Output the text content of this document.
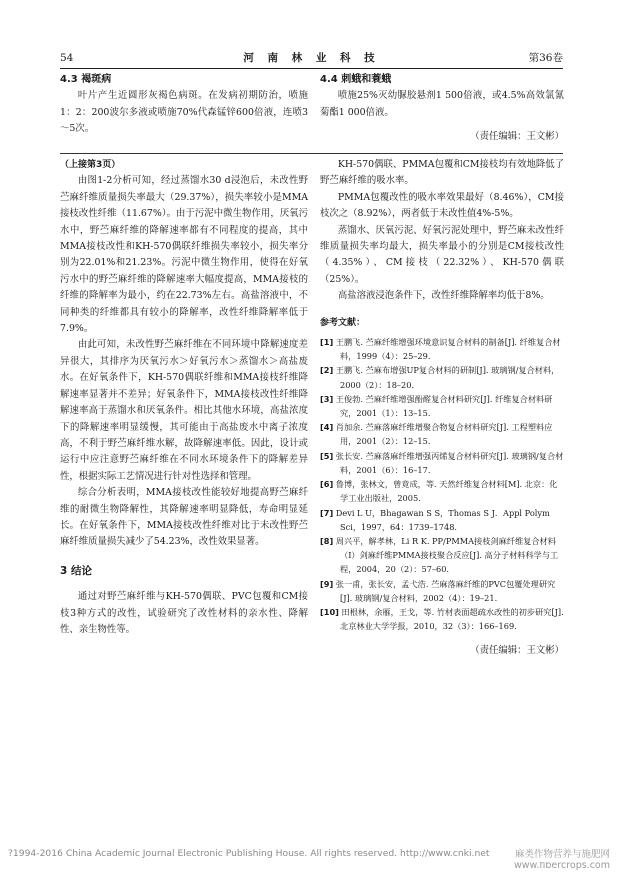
54	河 南 林 业 科 技	第36卷
4.3 褐斑病

叶片产生近圆形灰褐色病斑。在发病初期防治，喷施1：2：200波尔多液或喷施70%代森锰锌600倍液，连喷3～5次。

4.4 刺蛾和蓑蛾

喷施25%灭幼脲胶悬剂1 500倍液，或4.5%高效氯氰菊酯1 000倍液。

（责任编辑：王文彬）

（上接第3页）

由图1-2分析可知，经过蒸馏水30 d浸泡后，未改性野苎麻纤维质量损失率最大（29.37%），损失率较小是MMA接枝改性纤维（11.67%）。由于污泥中微生物作用，厌氧污水中，野苎麻纤维的降解速率都有不同程度的提高，其中MMA接枝改性和KH-570偶联纤维损失率较小，损失率分别为22.01%和21.23%。污泥中微生物作用，使得在好氧污水中的野苎麻纤维的降解速率大幅度提高，MMA接枝的纤维的降解率为最小，约在22.73%左右。高盐溶液中，不同种类的纤维都具有较小的降解率，改性纤维降解率低于7.9%。

由此可知，未改性野苎麻纤维在不同环境中降解速度差异很大，其排序为厌氧污水＞好氧污水＞蒸馏水＞高盐废水。在好氧条件下，KH-570偶联纤维和MMA接枝纤维降解速率显著并不差异；好氧条件下，MMA接枝改性纤维降解速率高于蒸馏水和厌氧条件。相比其他水环境，高盐浓度下的降解速率明显缓慢，其可能由于高盐废水中离子浓度高，不利于野苎麻纤维水解，故降解速率低。因此，设计或运行中应注意野苎麻纤维在不同水环境条件下的降解差异性，根据实际工艺情况进行针对性选择和管理。

综合分析表明，MMA接枝改性能较好地提高野苎麻纤维的耐微生物降解性，其降解速率明显降低，寿命明显延长。在好氧条件下，MMA接枝改性纤维对比于未改性野苎麻纤维质量损失减少了54.23%，改性效果显著。

3 结论

通过对野苎麻纤维与KH-570偶联、PVC包覆和CM接枝3种方式的改性，试验研究了改性材料的亲水性、降解性、亲生物性等。

KH-570偶联、PMMA包覆和CM接枝均有效地降低了野苎麻纤维的吸水率。

PMMA包覆改性的吸水率效果最好（8.46%），CM接枝次之（8.92%），两者低于未改性值4%-5%。

蒸馏水、厌氧污泥、好氧污泥处理中，野苎麻未改性纤维质量损失率均最大，损失率最小的分别是CM接枝改性（4.35%）、CM接枝（22.32%）、KH-570偶联（25%）。

高盐溶液浸泡条件下，改性纤维降解率均低于8%。

参考文献：

[1] 王鹏飞. 苎麻纤维增强环境意识复合材料的制备[J]. 纤维复合材料，1999（4）：25–29.

[2] 王鹏飞. 苎麻布增强UP复合材料的研制[J]. 玻璃钢/复合材料，2000（2）：18–20.

[3] 王俊勃. 苎麻纤维增强酚醛复合材料研究[J]. 纤维复合材料研究，2001（1）：13–15.

[4] 肖加余. 苎麻落麻纤维增聚合物复合材料研究[J]. 工程塑料应用，2001（2）：12–15.

[5] 张长安. 苎麻落麻纤维增强丙烯复合材料研究[J]. 玻璃钢/复合材料，2001（6）：16–17.

[6] 鲁博，张林文，曾竟成，等. 天然纤维复合材料[M]. 北京：化学工业出版社，2005.

[7] Devi L U，Bhagawan S S，Thomas S J．Appl Polym Sci，1997，64：1739–1748.

[8] 周兴平，解孝林，Li R K. PP/PMMA接枝剑麻纤维复合材料（I）剑麻纤维PMMA接枝聚合反应[J]. 高分子材料科学与工程，2004，20（2）：57–60.

[9] 张一甫，张长安，孟弋浩. 苎麻落麻纤维的PVC包覆处理研究[J]. 玻璃钢/复合材料，2002（4）：19–21.

[10] 田根林，余雁，王戈，等. 竹材表面超疏水改性的初步研究[J]. 北京林业大学学报，2010，32（3）：166–169.

（责任编辑：王文彬）

?1994-2016 China Academic Journal Electronic Publishing House. All rights reserved. http://www.cnki.net	麻类作物营养与施肥网
www.fibercrops.com
